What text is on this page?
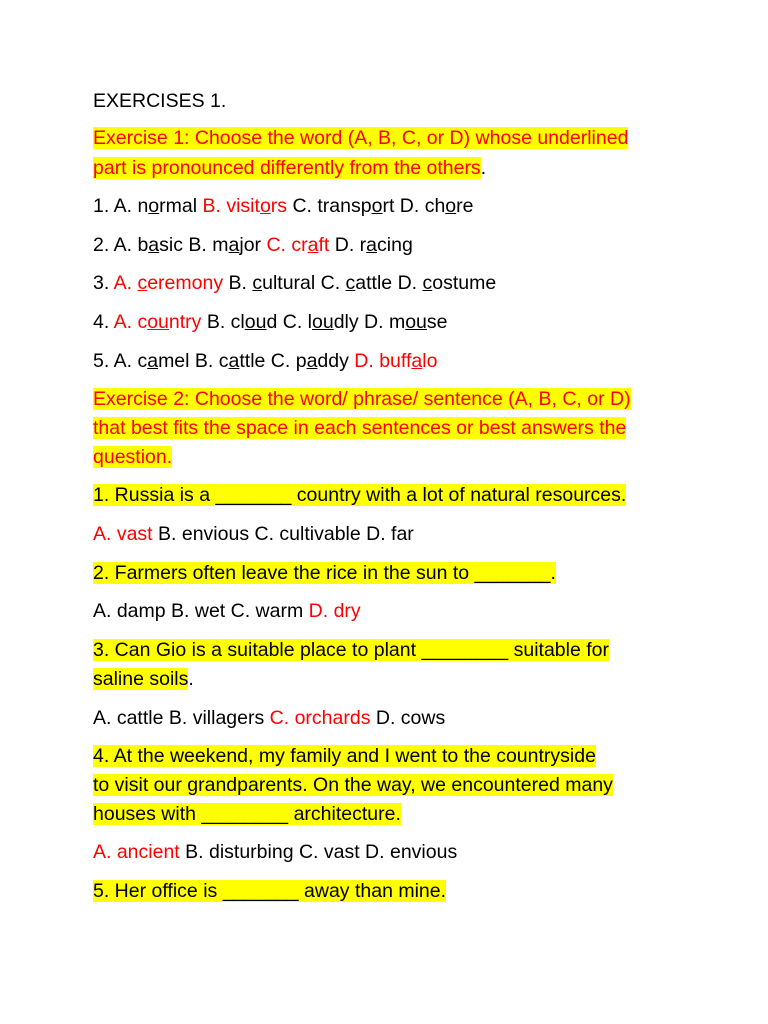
EXERCISES 1.
Exercise 1: Choose the word (A, B, C, or D) whose underlined
part is pronounced differently from the others.
1. A. normal B. visitors C. transport D. chore
2. A. basic B. major C. craft D. racing
3. A. ceremony B. cultural C. cattle D. costume
4. A. country B. cloud C. loudly D. mouse
5. A. camel B. cattle C. paddy D. buffalo
Exercise 2: Choose the word/ phrase/ sentence (A, B, C, or D)
that best fits the space in each sentences or best answers the
question.
1. Russia is a _______ country with a lot of natural resources.
A. vast B. envious C. cultivable D. far
2. Farmers often leave the rice in the sun to _______.
A. damp B. wet C. warm D. dry
3. Can Gio is a suitable place to plant ________ suitable for
saline soils.
A. cattle B. villagers C. orchards D. cows
4. At the weekend, my family and I went to the countryside
to visit our grandparents. On the way, we encountered many
houses with ________ architecture.
A. ancient B. disturbing C. vast D. envious
5. Her office is _______ away than mine.
